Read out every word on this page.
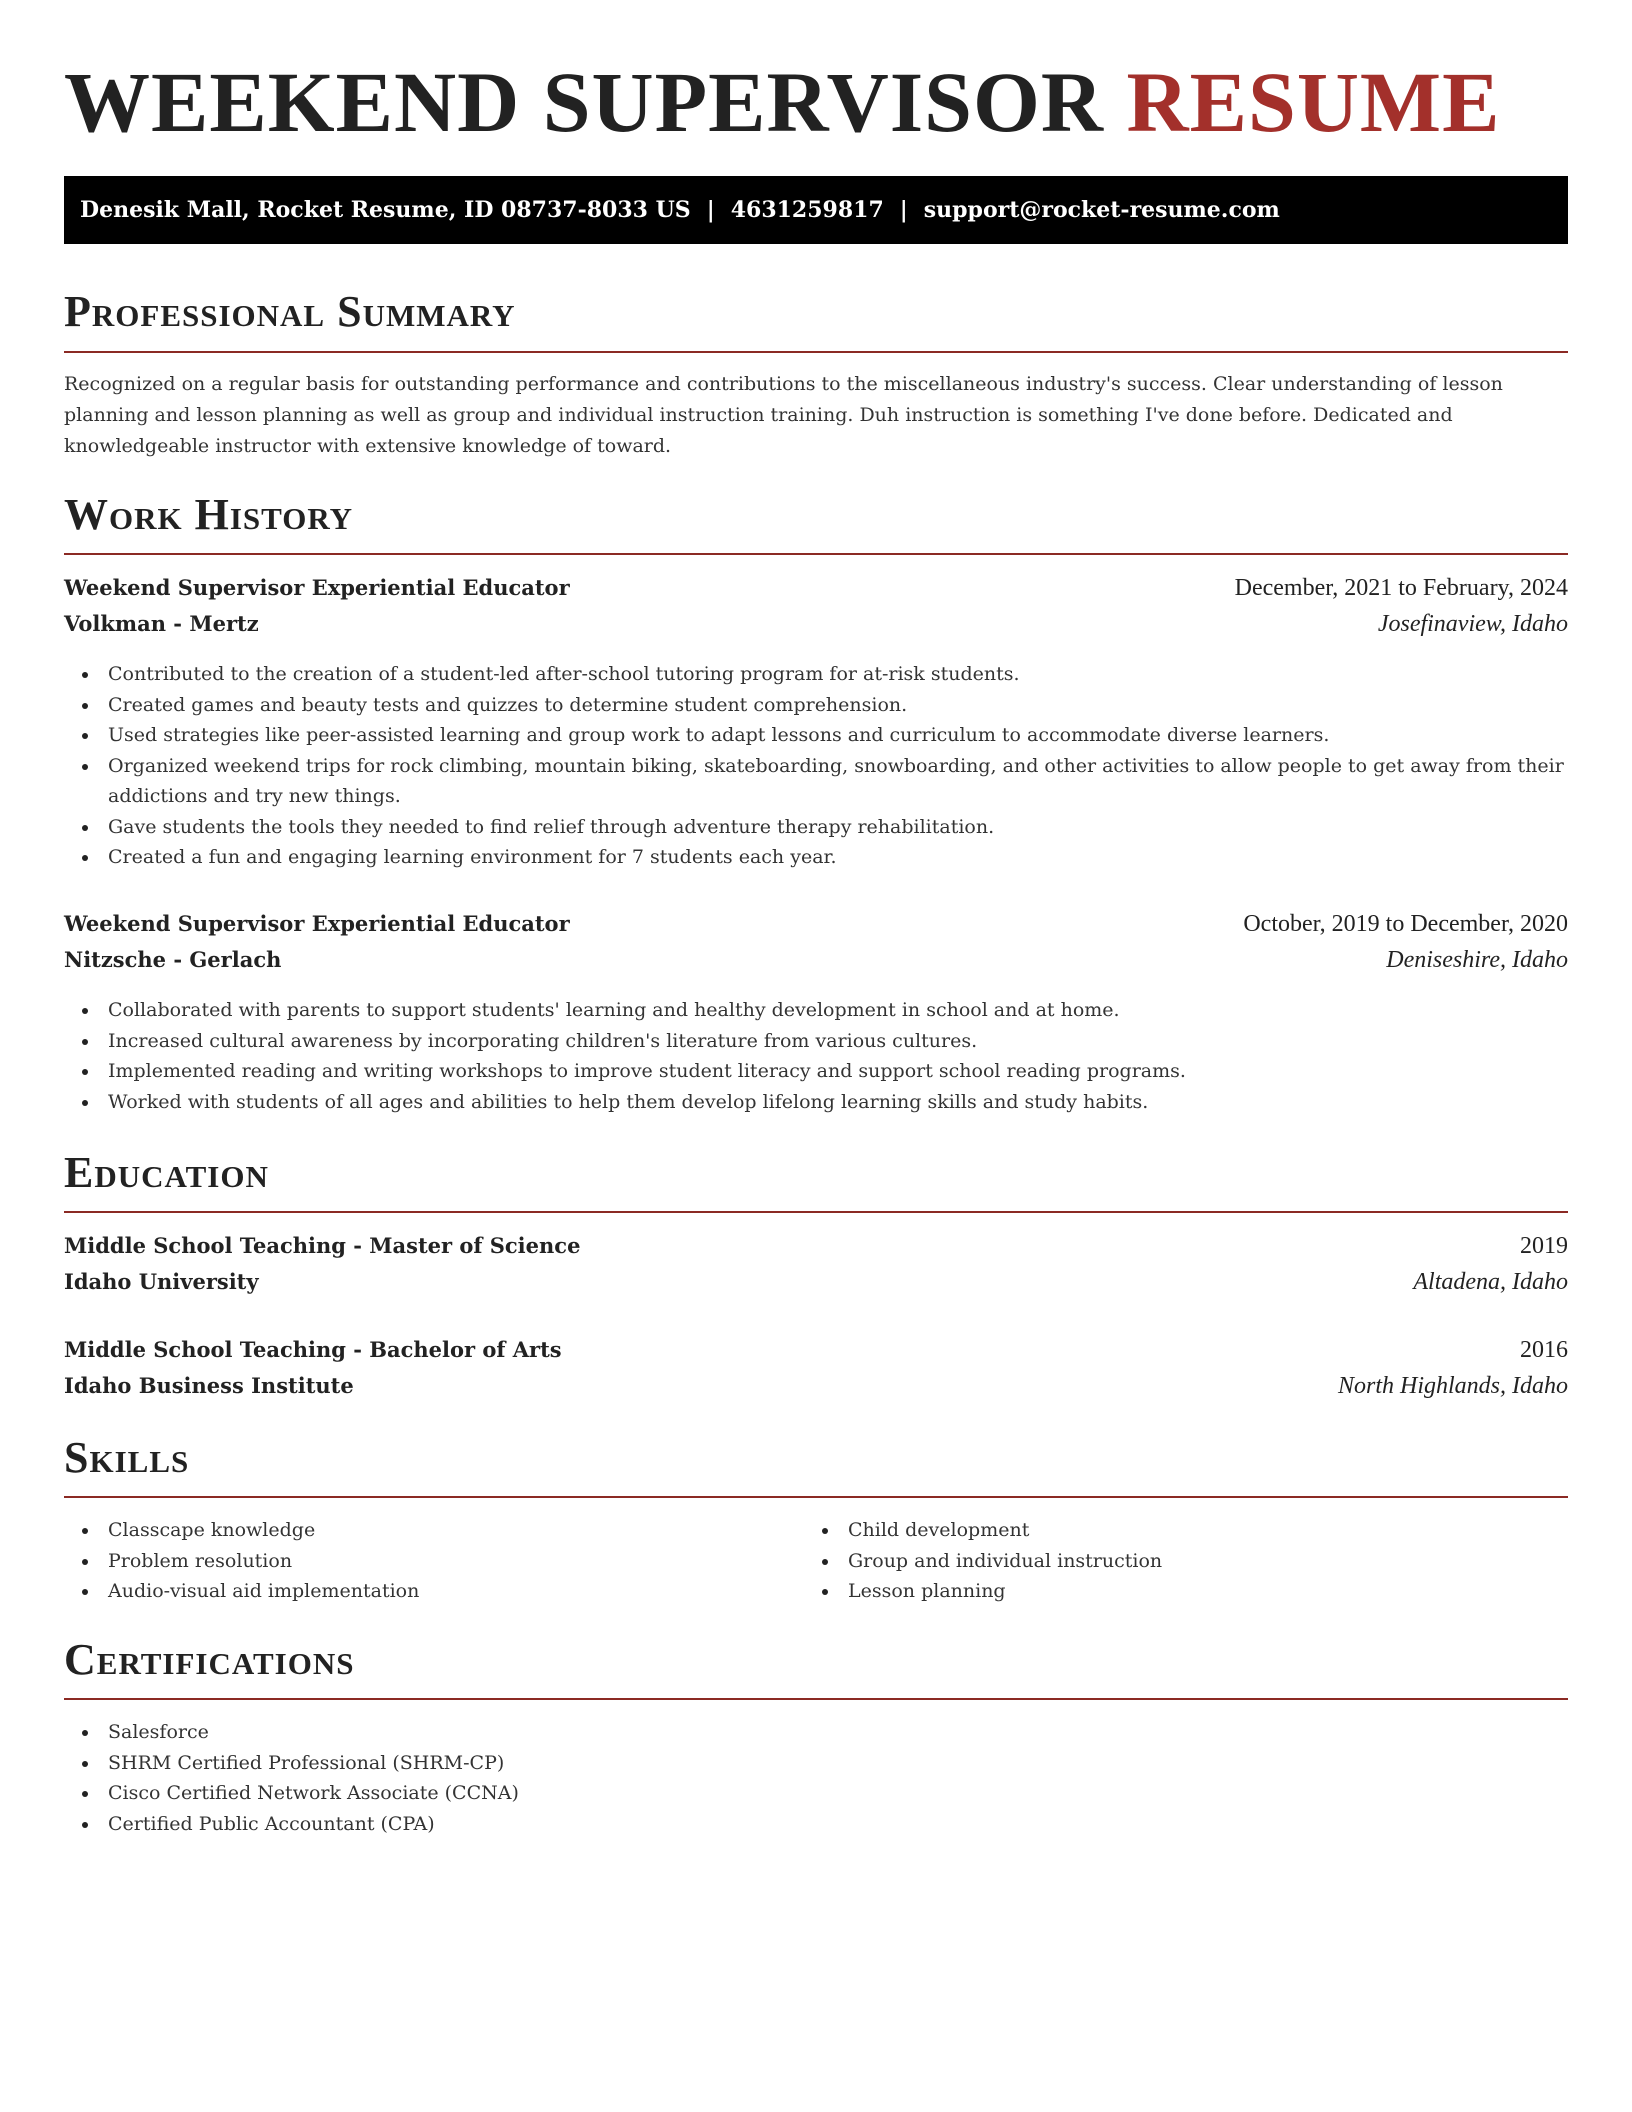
WEEKEND SUPERVISOR RESUME
Denesik Mall, Rocket Resume, ID 08737-8033 US | 4631259817 | support@rocket-resume.com
Professional Summary

Recognized on a regular basis for outstanding performance and contributions to the miscellaneous industry's success. Clear understanding of lesson planning and lesson planning as well as group and individual instruction training. Duh instruction is something I've done before. Dedicated and knowledgeable instructor with extensive knowledge of toward.

Work History
Weekend Supervisor Experiential Educator	December, 2021 to February, 2024
Volkman - Mertz	Josefinaview, Idaho
Contributed to the creation of a student-led after-school tutoring program for at-risk students.
Created games and beauty tests and quizzes to determine student comprehension.
Used strategies like peer-assisted learning and group work to adapt lessons and curriculum to accommodate diverse learners.
Organized weekend trips for rock climbing, mountain biking, skateboarding, snowboarding, and other activities to allow people to get away from their addictions and try new things.
Gave students the tools they needed to find relief through adventure therapy rehabilitation.
Created a fun and engaging learning environment for 7 students each year.
Weekend Supervisor Experiential Educator	October, 2019 to December, 2020
Nitzsche - Gerlach	Deniseshire, Idaho
Collaborated with parents to support students' learning and healthy development in school and at home.
Increased cultural awareness by incorporating children's literature from various cultures.
Implemented reading and writing workshops to improve student literacy and support school reading programs.
Worked with students of all ages and abilities to help them develop lifelong learning skills and study habits.
Education
Middle School Teaching - Master of Science	2019
Idaho University	Altadena, Idaho
Middle School Teaching - Bachelor of Arts	2016
Idaho Business Institute	North Highlands, Idaho
Skills
Classcape knowledge
Problem resolution
Audio-visual aid implementation
Child development
Group and individual instruction
Lesson planning
Certifications
Salesforce
SHRM Certified Professional (SHRM-CP)
Cisco Certified Network Associate (CCNA)
Certified Public Accountant (CPA)
